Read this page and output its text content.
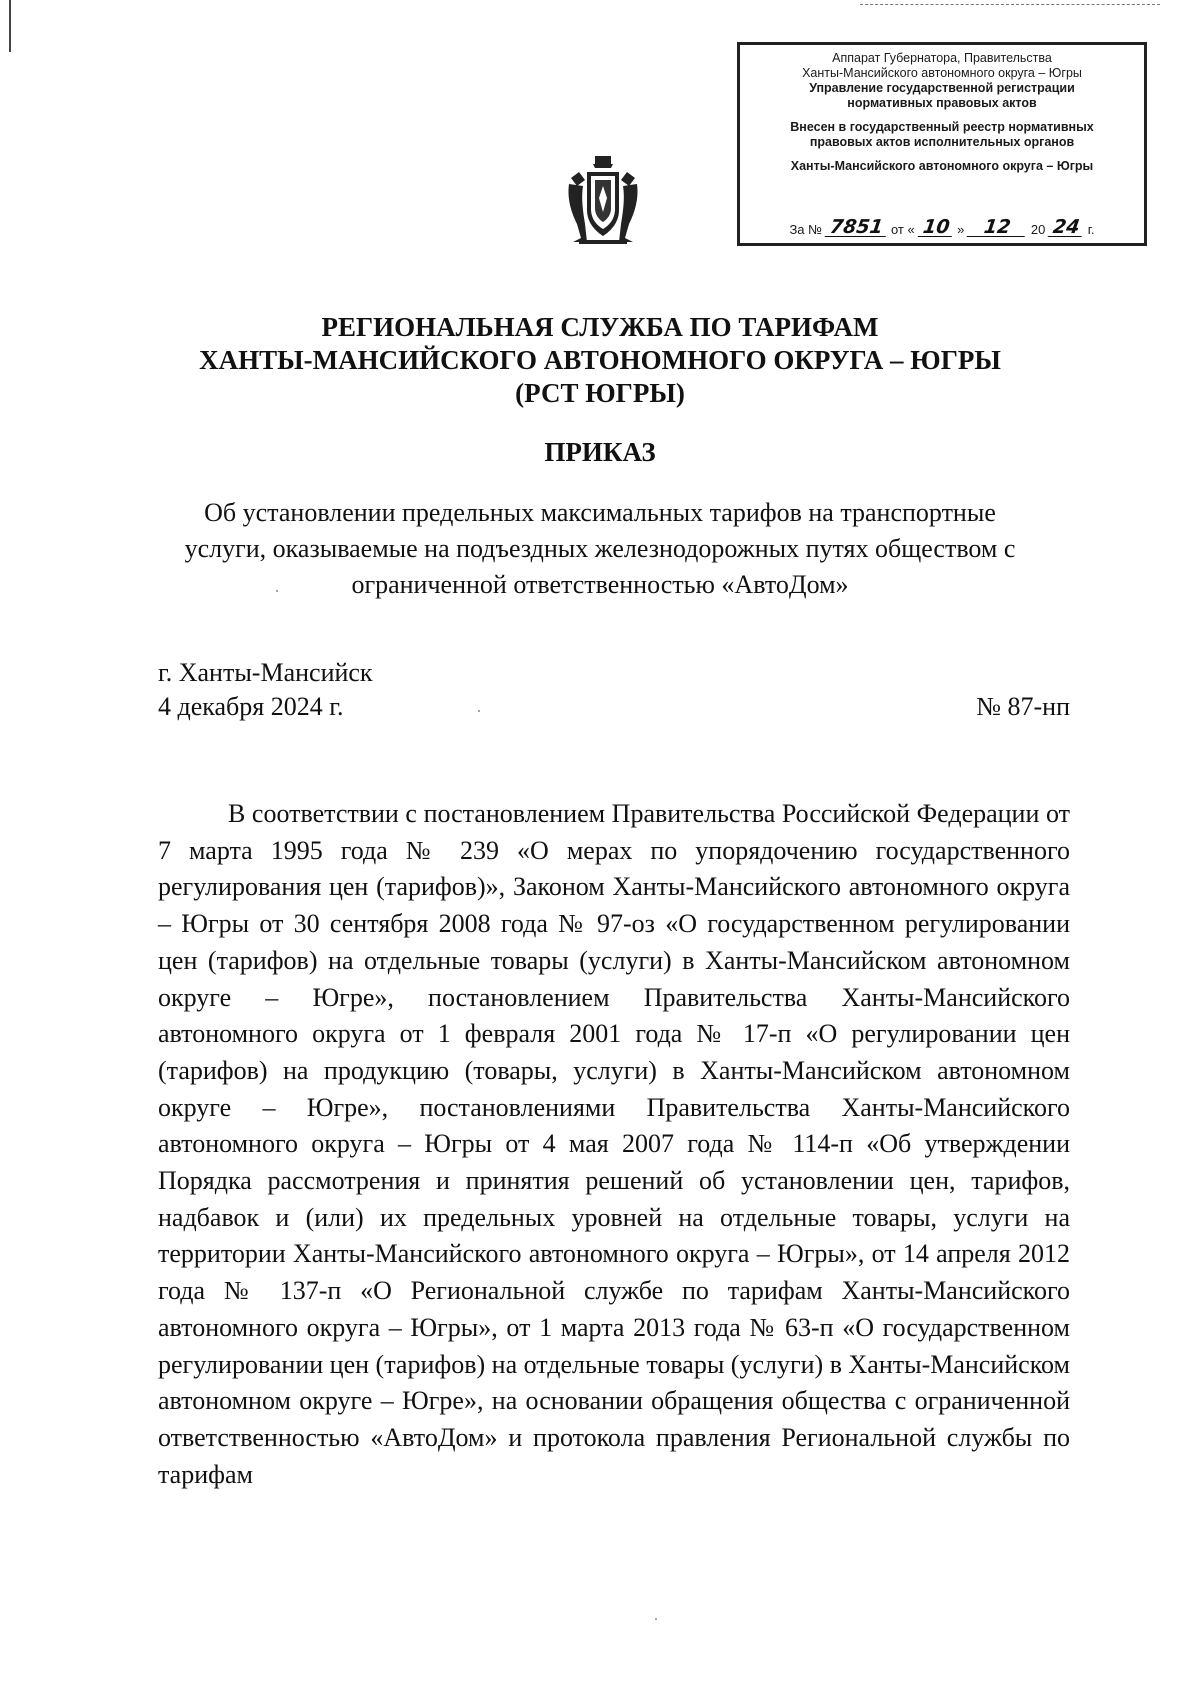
Аппарат Губернатора, Правительства
Ханты-Мансийского автономного округа – Югры
Управление государственной регистрации
нормативных правовых актов
Внесен в государственный реестр нормативных
правовых актов исполнительных органов
Ханты-Мансийского автономного округа – Югры
За № 7851 от « 10 » 12	20 24 г.
РЕГИОНАЛЬНАЯ СЛУЖБА ПО ТАРИФАМ
ХАНТЫ-МАНСИЙСКОГО АВТОНОМНОГО ОКРУГА – ЮГРЫ
(РСТ ЮГРЫ)
ПРИКАЗ
Об установлении предельных максимальных тарифов на транспортные
услуги, оказываемые на подъездных железнодорожных путях обществом с
ограниченной ответственностью «АвтоДом»
г. Ханты-Мансийск
4 декабря 2024 г.	№ 87-нп

В соответствии с постановлением Правительства Российской Федерации от 7 марта 1995 года № 239 «О мерах по упорядочению государственного регулирования цен (тарифов)», Законом Ханты-Мансийского автономного округа – Югры от 30 сентября 2008 года № 97-оз «О государственном регулировании цен (тарифов) на отдельные товары (услуги) в Ханты-Мансийском автономном округе – Югре», постановлением Правительства Ханты-Мансийского автономного округа от 1 февраля 2001 года № 17-п «О регулировании цен (тарифов) на продукцию (товары, услуги) в Ханты-Мансийском автономном округе – Югре», постановлениями Правительства Ханты-Мансийского автономного округа – Югры от 4 мая 2007 года № 114-п «Об утверждении Порядка рассмотрения и принятия решений об установлении цен, тарифов, надбавок и (или) их предельных уровней на отдельные товары, услуги на территории Ханты-Мансийского автономного округа – Югры», от 14 апреля 2012 года № 137-п «О Региональной службе по тарифам Ханты-Мансийского автономного округа – Югры», от 1 марта 2013 года № 63-п «О государственном регулировании цен (тарифов) на отдельные товары (услуги) в Ханты-Мансийском автономном округе – Югре», на основании обращения общества с ограниченной ответственностью «АвтоДом» и протокола правления Региональной службы по тарифам
